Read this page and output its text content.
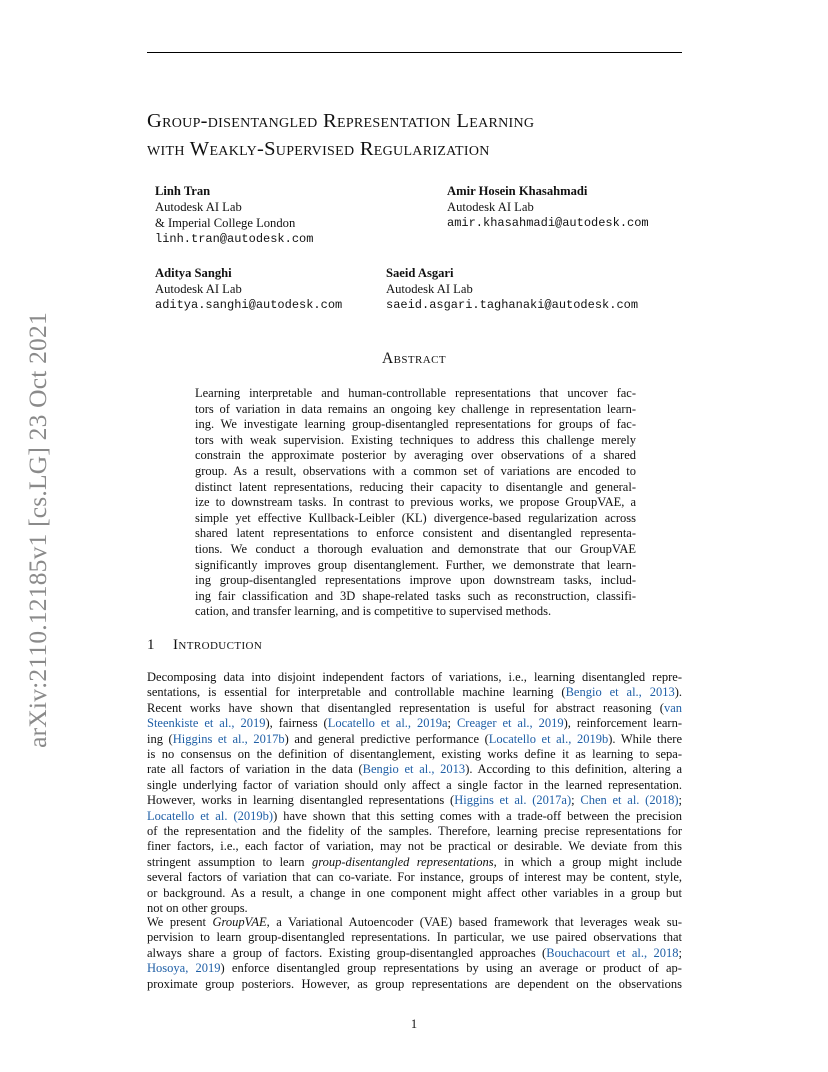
arXiv:2110.12185v1 [cs.LG] 23 Oct 2021
Group-disentangled Representation Learning
with Weakly-Supervised Regularization
Linh Tran
Autodesk AI Lab
& Imperial College London
linh.tran@autodesk.com
Amir Hosein Khasahmadi
Autodesk AI Lab
amir.khasahmadi@autodesk.com
Aditya Sanghi
Autodesk AI Lab
aditya.sanghi@autodesk.com
Saeid Asgari
Autodesk AI Lab
saeid.asgari.taghanaki@autodesk.com
Abstract
Learning interpretable and human-controllable representations that uncover fac-
tors of variation in data remains an ongoing key challenge in representation learn-
ing. We investigate learning group-disentangled representations for groups of fac-
tors with weak supervision. Existing techniques to address this challenge merely
constrain the approximate posterior by averaging over observations of a shared
group. As a result, observations with a common set of variations are encoded to
distinct latent representations, reducing their capacity to disentangle and general-
ize to downstream tasks. In contrast to previous works, we propose GroupVAE, a
simple yet effective Kullback-Leibler (KL) divergence-based regularization across
shared latent representations to enforce consistent and disentangled representa-
tions. We conduct a thorough evaluation and demonstrate that our GroupVAE
significantly improves group disentanglement. Further, we demonstrate that learn-
ing group-disentangled representations improve upon downstream tasks, includ-
ing fair classification and 3D shape-related tasks such as reconstruction, classifi-
cation, and transfer learning, and is competitive to supervised methods.
1 Introduction
Decomposing data into disjoint independent factors of variations, i.e., learning disentangled repre-
sentations, is essential for interpretable and controllable machine learning (Bengio et al., 2013).
Recent works have shown that disentangled representation is useful for abstract reasoning (van
Steenkiste et al., 2019), fairness (Locatello et al., 2019a; Creager et al., 2019), reinforcement learn-
ing (Higgins et al., 2017b) and general predictive performance (Locatello et al., 2019b). While there
is no consensus on the definition of disentanglement, existing works define it as learning to sepa-
rate all factors of variation in the data (Bengio et al., 2013). According to this definition, altering a
single underlying factor of variation should only affect a single factor in the learned representation.
However, works in learning disentangled representations (Higgins et al. (2017a); Chen et al. (2018);
Locatello et al. (2019b)) have shown that this setting comes with a trade-off between the precision
of the representation and the fidelity of the samples. Therefore, learning precise representations for
finer factors, i.e., each factor of variation, may not be practical or desirable. We deviate from this
stringent assumption to learn group-disentangled representations, in which a group might include
several factors of variation that can co-variate. For instance, groups of interest may be content, style,
or background. As a result, a change in one component might affect other variables in a group but
not on other groups.
We present GroupVAE, a Variational Autoencoder (VAE) based framework that leverages weak su-
pervision to learn group-disentangled representations. In particular, we use paired observations that
always share a group of factors. Existing group-disentangled approaches (Bouchacourt et al., 2018;
Hosoya, 2019) enforce disentangled group representations by using an average or product of ap-
proximate group posteriors. However, as group representations are dependent on the observations
1
